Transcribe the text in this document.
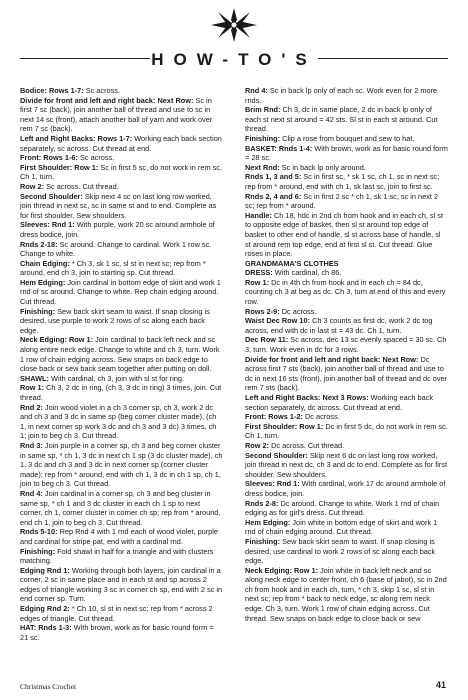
HOW-TO'S

Bodice: Rows 1-7: Sc across.

Divide for front and left and right back: Next Row: Sc in first 7 sc (back), join another ball of thread and use to sc in next 14 sc (front), attach another ball of yarn and work over rem 7 sc (back).

Left and Right Backs: Rows 1-7: Working each back section separately, sc across. Cut thread at end.

Front: Rows 1-6: Sc across.

First Shoulder: Row 1: Sc in first 5 sc, do not work in rem sc. Ch 1, turn.

Row 2: Sc across. Cut thread.

Second Shoulder: Skip next 4 sc on last long row worked, join thread in next sc, sc in same st and to end. Complete as for first shoulder. Sew shoulders.

Sleeves: Rnd 1: With purple, work 20 sc around armhole of dress bodice, join.

Rnds 2-18: Sc around. Change to cardinal. Work 1 row sc. Change to white.

Chain Edging: * Ch 3, sk 1 sc, sl st in next sc; rep from * around, end ch 3, join to starting sp. Cut thread.

Hem Edging: Join cardinal in bottom edge of skirt and work 1 rnd of sc around. Change to white. Rep chain edging around. Cut thread.

Finishing: Sew back skirt seam to waist. If snap closing is desired, use purple to work 2 rows of sc along each back edge.

Neck Edging: Row 1: Join cardinal to back left neck and sc along entire neck edge. Change to white and ch 3, turn. Work 1 row of chain edging across. Sew snaps on back edge to close back or sew back seam together after putting on doll.

SHAWL: With cardinal, ch 3, join with sl st for ring.

Row 1: Ch 3, 2 dc in ring, (ch 3, 3 dc in ring) 3 times, join. Cut thread.

Rnd 2: Join wood violet in a ch 3 corner sp, ch 3, work 2 dc and ch 3 and 3 dc in same sp (beg corner cluster made), (ch 1, in next corner sp work 3 dc and ch 3 and 3 dc) 3 times, ch 1; join to beg ch 3. Cut thread.

Rnd 3: Join purple in a corner sp, ch 3 and beg corner cluster in same sp, * ch 1, 3 dc in next ch 1 sp (3 dc cluster made), ch 1, 3 dc and ch 3 and 3 dc in next corner sp (corner cluster made); rep from * around, end with ch 1, 3 dc in ch 1 sp, ch 1, join to beg ch 3. Cut thread.

Rnd 4: Join cardinal in a corner sp, ch 3 and beg cluster in same sp, * ch 1 and 3 dc cluster in each ch 1 sp to next corner, ch 1, corner cluster in corner ch sp; rep from * around, end ch 1, join to beg ch 3. Cut thread.

Rnds 5-10: Rep Rnd 4 with 1 rnd each of wood violet, purple and cardinal for stripe pat, end with a cardinal rnd.

Finishing: Fold shawl in half for a triangle and with clusters matching.

Edging Rnd 1: Working through both layers, join cardinal in a corner, 2 sc in same place and in each st and sp across 2 edges of triangle working 3 sc in corner ch sp, end with 2 sc in end corner sp. Turn.

Edging Rnd 2: * Ch 10, sl st in next sc; rep from * across 2 edges of triangle. Cut thread.

HAT: Rnds 1-3: With brown, work as for basic round form = 21 sc.

Rnd 4: Sc in back lp only of each sc. Work even for 2 more rnds.

Brim Rnd: Ch 3, dc in same place, 2 dc in back lp only of each st next st around = 42 sts. Sl st in each st around. Cut thread.

Finishing: Clip a rose from bouquet and sew to hat.

BASKET: Rnds 1-4: With brown, work as for basic round form = 28 sc.

Next Rnd: Sc in back lp only around.

Rnds 1, 3 and 5: Sc in first sc, * sk 1 sc, ch 1, sc in next sc; rep from * around, end with ch 1, sk last sc, join to first sc.

Rnds 2, 4 and 6: Sc in first 2 sc * ch 1, sk 1 sc, sc in next 2 sc; rep from * around.

Handle: Ch 18, hdc in 2nd ch from hook and in each ch, sl st to opposite edge of basket, then sl st around top edge of basket to other end of handle, sl st across base of handle, sl st around rem top edge, end at first sl st. Cut thread. Glue roses in place.

GRANDMAMA'S CLOTHES

DRESS: With cardinal, ch 86.

Row 1: Dc in 4th ch from hook and in each ch = 84 dc, counting ch 3 at beg as dc. Ch 3, turn at end of this and every row.

Rows 2-9: Dc across.

Waist Dec Row 10: Ch 3 counts as first dc, work 2 dc tog across, end with dc in last st = 43 dc. Ch 1, turn.

Dec Row 11: Sc across, dec 13 sc evenly spaced = 30 sc. Ch 3, turn. Work even in dc for 3 rows.

Divide for front and left and right back: Next Row: Dc across first 7 sts (back), join another ball of thread and use to dc in next 16 sts (front), join another ball of thread and dc over rem 7 sts (back).

Left and Right Backs: Next 3 Rows: Working each back section separately, dc across. Cut thread at end.

Front: Rows 1-2: Dc across.

First Shoulder: Row 1: Dc in first 5 dc, do not work in rem sc. Ch 1, turn.

Row 2: Dc across. Cut thread.

Second Shoulder: Skip next 6 dc on last long row worked, join thread in next dc, ch 3 and dc to end. Complete as for first shoulder. Sew shoulders.

Sleeves: Rnd 1: With cardinal, work 17 dc around armhole of dress bodice, join.

Rnds 2-8: Dc around. Change to white. Work 1 rnd of chain edging as for girl's dress. Cut thread.

Hem Edging: Join white in bottom edge of skirt and work 1 rnd of chain edging around. Cut thread.

Finishing: Sew back skirt seam to waist. If snap closing is desired, use cardinal to work 2 rows of sc along each back edge.

Neck Edging: Row 1: Join white in back left neck and sc along neck edge to center front, ch 6 (base of jabot), sc in 2nd ch from hook and in each ch, turn, * ch 3, skip 1 sc, sl st in next sc; rep from * back to neck edge, sc along rem neck edge. Ch 3, turn. Work 1 row of chain edging across. Cut thread. Sew snaps on back edge to close back or sew

Christmas Crochet	41
